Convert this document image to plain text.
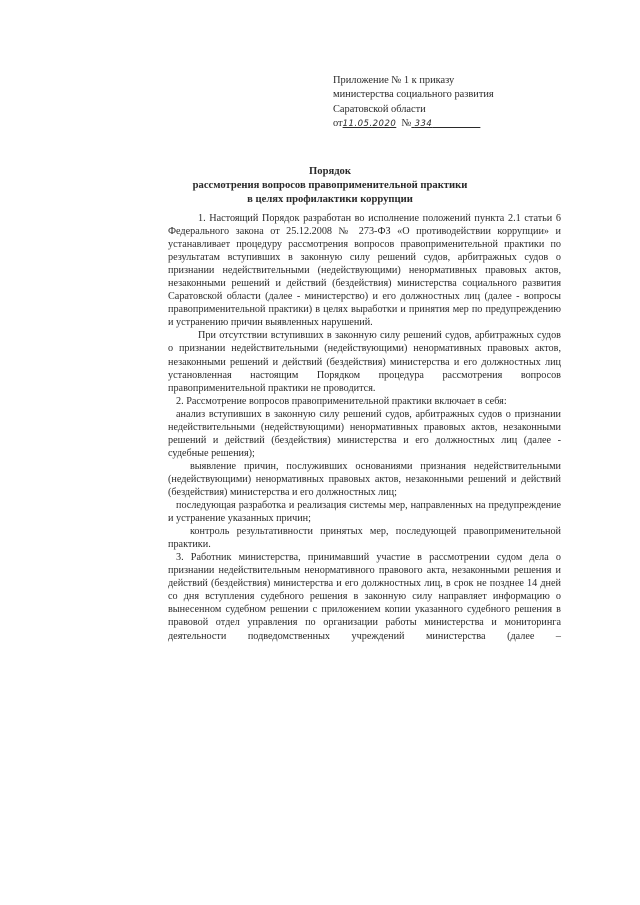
Приложение № 1 к приказу
министерства социального развития
Саратовской области
от11.05.2020 № 334
Порядок
рассмотрения вопросов правоприменительной практики
в целях профилактики коррупции

1. Настоящий Порядок разработан во исполнение положений пункта 2.1 статьи 6 Федерального закона от 25.12.2008 № 273-ФЗ «О противодействии коррупции» и устанавливает процедуру рассмотрения вопросов правоприменительной практики по результатам вступивших в законную силу решений судов, арбитражных судов о признании недействительными (недействующими) ненормативных правовых актов, незаконными решений и действий (бездействия) министерства социального развития Саратовской области (далее - министерство) и его должностных лиц (далее - вопросы правоприменительной практики) в целях выработки и принятия мер по предупреждению и устранению причин выявленных нарушений.

При отсутствии вступивших в законную силу решений судов, арбитражных судов о признании недействительными (недействующими) ненормативных правовых актов, незаконными решений и действий (бездействия) министерства и его должностных лиц установленная настоящим Порядком процедура рассмотрения вопросов правоприменительной практики не проводится.

2. Рассмотрение вопросов правоприменительной практики включает в себя:

анализ вступивших в законную силу решений судов, арбитражных судов о признании недействительными (недействующими) ненормативных правовых актов, незаконными решений и действий (бездействия) министерства и его должностных лиц (далее - судебные решения);

выявление причин, послуживших основаниями признания недействительными (недействующими) ненормативных правовых актов, незаконными решений и действий (бездействия) министерства и его должностных лиц;

последующая разработка и реализация системы мер, направленных на предупреждение и устранение указанных причин;

контроль результативности принятых мер, последующей правоприменительной практики.

3. Работник министерства, принимавший участие в рассмотрении судом дела о признании недействительным ненормативного правового акта, незаконными решения и действий (бездействия) министерства и его должностных лиц, в срок не позднее 14 дней со дня вступления судебного решения в законную силу направляет информацию о вынесенном судебном решении с приложением копии указанного судебного решения в правовой отдел управления по организации работы министерства и мониторинга деятельности подведомственных учреждений министерства (далее –
